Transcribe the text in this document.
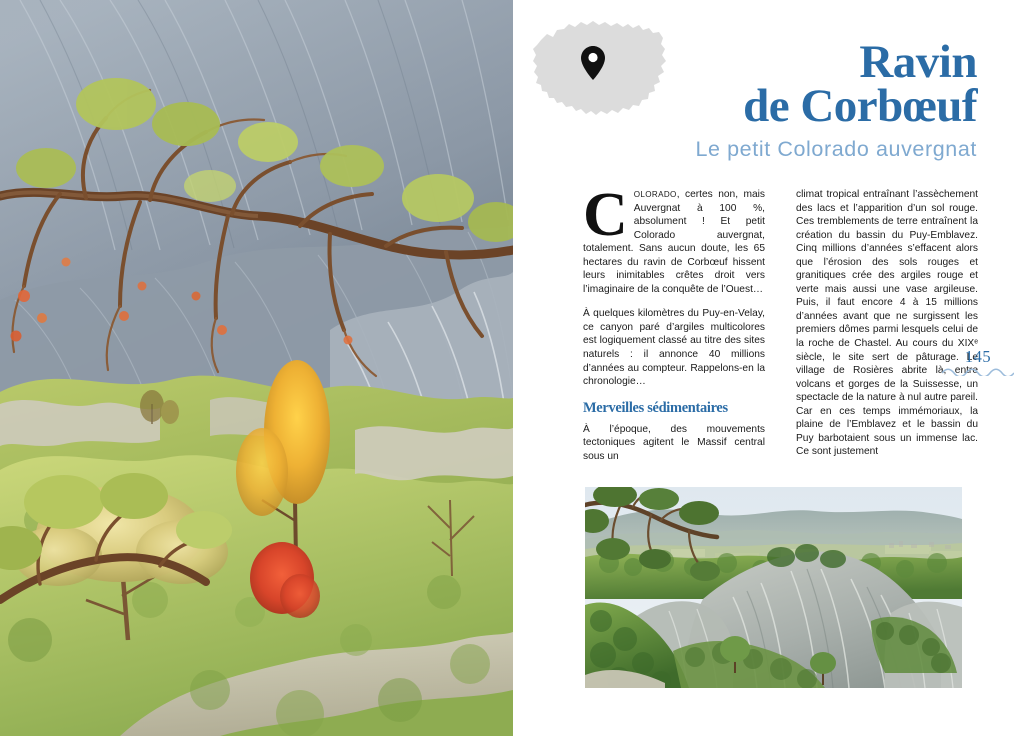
Ravin
de Corbœuf
Le petit Colorado auvergnat

COLORADO, certes non, mais Auvergnat à 100 %, absolument ! Et petit Colorado auvergnat, totalement. Sans aucun doute, les 65 hectares du ravin de Corbœuf hissent leurs inimitables crêtes droit vers l’imaginaire de la conquête de l’Ouest…

À quelques kilomètres du Puy-en-Velay, ce canyon paré d’argiles multicolores est logiquement classé au titre des sites naturels : il annonce 40 millions d’années au compteur. Rappelons-en la chronologie…

Merveilles sédimentaires

À l’époque, des mouvements tectoniques agitent le Massif central sous un

climat tropical entraînant l’assèchement des lacs et l’apparition d’un sol rouge. Ces tremblements de terre entraînent la création du bassin du Puy-Emblavez. Cinq millions d’années s’effacent alors que l’érosion des sols rouges et granitiques crée des argiles rouge et verte mais aussi une vase argileuse. Puis, il faut encore 4 à 15 millions d’années avant que ne surgissent les premiers dômes parmi lesquels celui de la roche de Chastel. Au cours du XIXᵉ siècle, le site sert de pâturage. Le village de Rosières abrite là, entre volcans et gorges de la Suissesse, un spectacle de la nature à nul autre pareil. Car en ces temps immémoriaux, la plaine de l’Emblavez et le bassin du Puy barbotaient sous un immense lac. Ce sont justement

145
